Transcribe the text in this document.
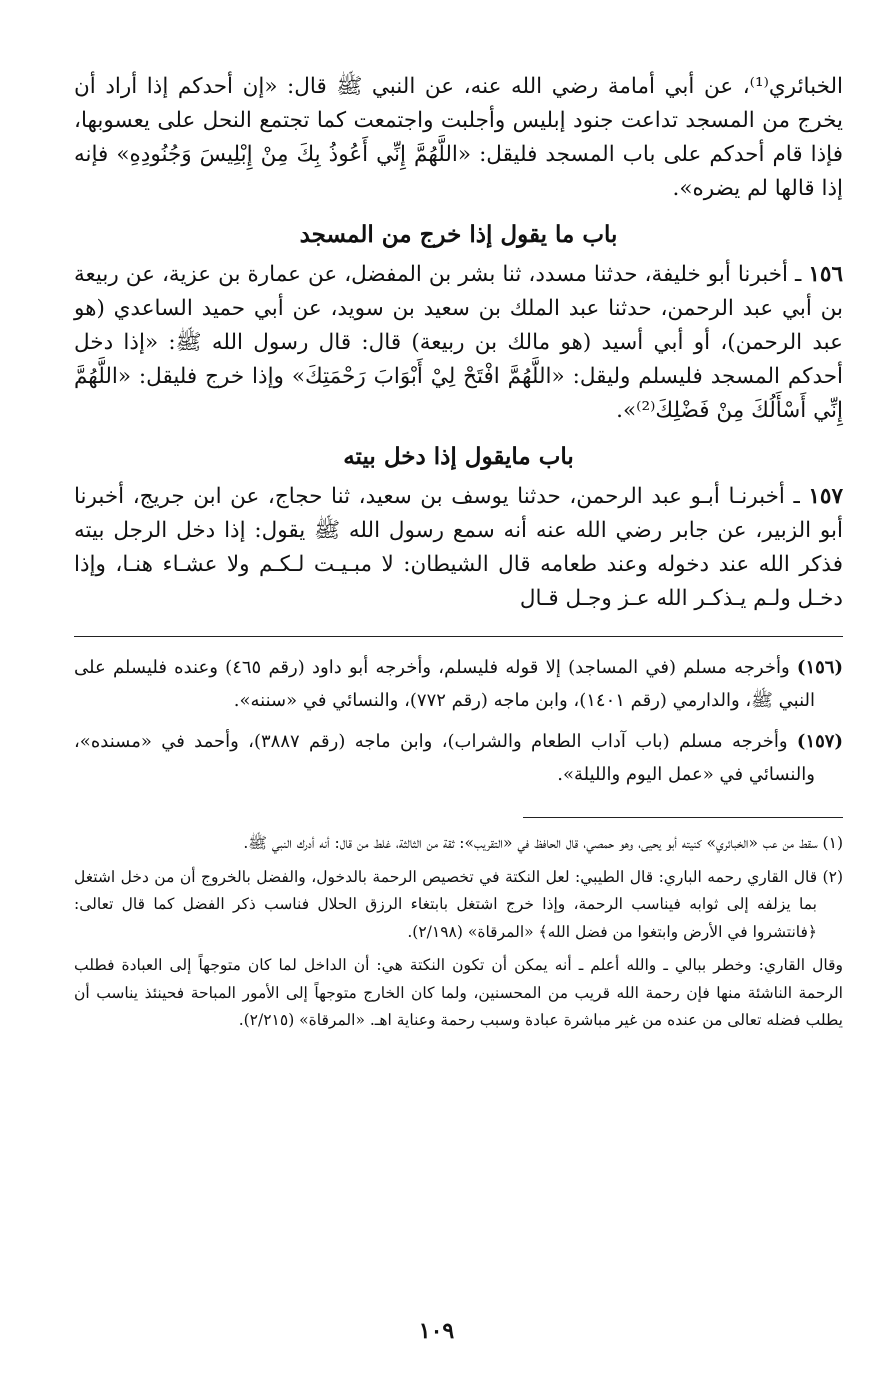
الخبائري⁽¹⁾، عن أبي أمامة رضي الله عنه، عن النبي ﷺ قال: «إن أحدكم إذا أراد أن يخرج من المسجد تداعت جنود إبليس وأجلبت واجتمعت كما تجتمع النحل على يعسوبها، فإذا قام أحدكم على باب المسجد فليقل: «اللَّهُمَّ إِنِّي أَعُوذُ بِكَ مِنْ إِبْلِيسَ وَجُنُودِهِ» فإنه إذا قالها لم يضره».

باب ما يقول إذا خرج من المسجد

١٥٦ ـ أخبرنا أبو خليفة، حدثنا مسدد، ثنا بشر بن المفضل، عن عمارة بن عزية، عن ربيعة بن أبي عبد الرحمن، حدثنا عبد الملك بن سعيد بن سويد، عن أبي حميد الساعدي (هو عبد الرحمن)، أو أبي أسيد (هو مالك بن ربيعة) قال: قال رسول الله ﷺ: «إذا دخل أحدكم المسجد فليسلم وليقل: «اللَّهُمَّ افْتَحْ لِيْ أَبْوَابَ رَحْمَتِكَ» وإذا خرج فليقل: «اللَّهُمَّ إِنِّي أَسْأَلُكَ مِنْ فَضْلِكَ⁽²⁾».

باب مايقول إذا دخل بيته

١٥٧ ـ أخبرنـا أبـو عبد الرحمن، حدثنا يوسف بن سعيد، ثنا حجاج، عن ابن جريج، أخبرنا أبو الزبير، عن جابر رضي الله عنه أنه سمع رسول الله ﷺ يقول: إذا دخل الرجل بيته فذكر الله عند دخوله وعند طعامه قال الشيطان: لا مبـيـت لـكـم ولا عشـاء هنـا، وإذا دخـل ولـم يـذكـر الله عـز وجـل قـال

(١٥٦) وأخرجه مسلم (في المساجد) إلا قوله فليسلم، وأخرجه أبو داود (رقم ٤٦٥) وعنده فليسلم على النبي ﷺ، والدارمي (رقم ١٤٠١)، وابن ماجه (رقم ٧٧٢)، والنسائي في «سننه».

(١٥٧) وأخرجه مسلم (باب آداب الطعام والشراب)، وابن ماجه (رقم ٣٨٨٧)، وأحمد في «مسنده»، والنسائي في «عمل اليوم والليلة».

(١) سقط من عب «الخبائري» كنيته أبو يحيى، وهو حمصي، قال الحافظ في «التقريب»: ثقة من الثالثة، غلط من قال: أنه أدرك النبي ﷺ.

(٢) قال القاري رحمه الباري: قال الطيبي: لعل النكتة في تخصيص الرحمة بالدخول، والفضل بالخروج أن من دخل اشتغل بما يزلفه إلى ثوابه فيناسب الرحمة، وإذا خرج اشتغل بابتغاء الرزق الحلال فناسب ذكر الفضل كما قال تعالى: ﴿فانتشروا في الأرض وابتغوا من فضل الله﴾ «المرقاة» (٢/١٩٨).

وقال القاري: وخطر ببالي ـ والله أعلم ـ أنه يمكن أن تكون النكتة هي: أن الداخل لما كان متوجهاً إلى العبادة فطلب الرحمة الناشئة منها فإن رحمة الله قريب من المحسنين، ولما كان الخارج متوجهاً إلى الأمور المباحة فحينئذ يناسب أن يطلب فضله تعالى من عنده من غير مباشرة عبادة وسبب رحمة وعناية اهـ. «المرقاة» (٢/٢١٥).

١٠٩
